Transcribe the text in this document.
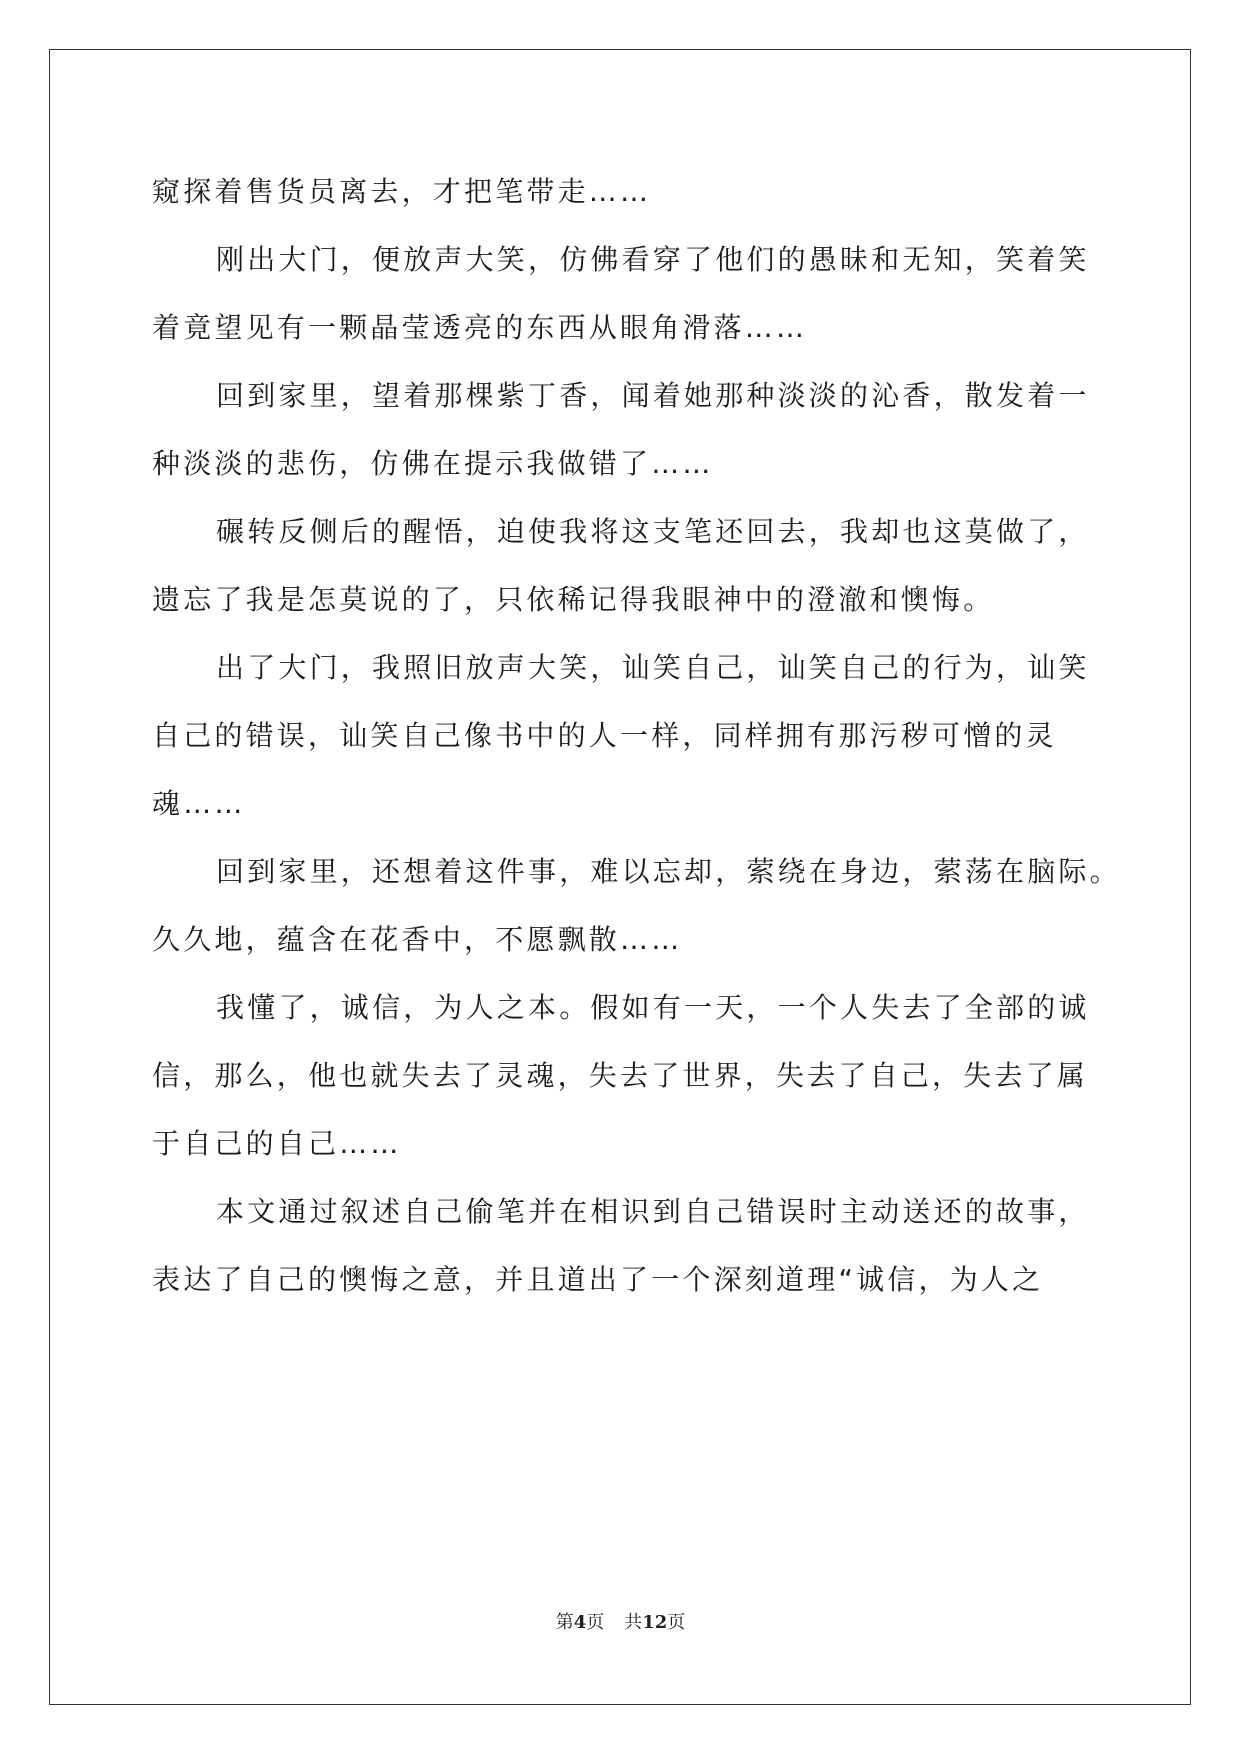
窥探着售货员离去，才把笔带走……
刚出大门，便放声大笑，仿佛看穿了他们的愚昧和无知，笑着笑
着竟望见有一颗晶莹透亮的东西从眼角滑落……
回到家里，望着那棵紫丁香，闻着她那种淡淡的沁香，散发着一
种淡淡的悲伤，仿佛在提示我做错了……
碾转反侧后的醒悟，迫使我将这支笔还回去，我却也这莫做了，
遗忘了我是怎莫说的了，只依稀记得我眼神中的澄澈和懊悔。
出了大门，我照旧放声大笑，讪笑自己，讪笑自己的行为，讪笑
自己的错误，讪笑自己像书中的人一样，同样拥有那污秽可憎的灵
魂……
回到家里，还想着这件事，难以忘却，萦绕在身边，萦荡在脑际。
久久地，蕴含在花香中，不愿飘散……
我懂了，诚信，为人之本。假如有一天，一个人失去了全部的诚
信，那么，他也就失去了灵魂，失去了世界，失去了自己，失去了属
于自己的自己……
本文通过叙述自己偷笔并在相识到自己错误时主动送还的故事，
表达了自己的懊悔之意，并且道出了一个深刻道理“诚信，为人之
第4页 共12页
